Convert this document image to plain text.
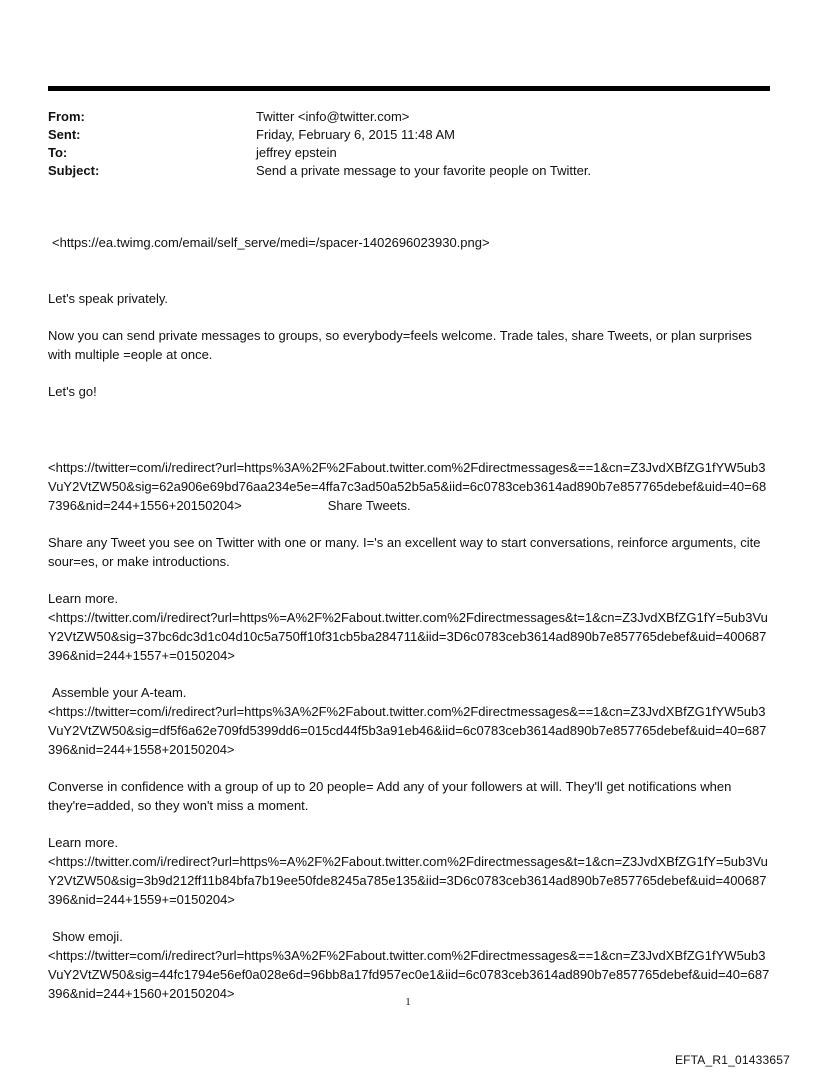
From:	Twitter <info@twitter.com>
Sent:	Friday, February 6, 2015 11:48 AM
To:	jeffrey epstein
Subject:	Send a private message to your favorite people on Twitter.

<https://ea.twimg.com/email/self_serve/medi=/spacer-1402696023930.png>

Let's speak privately.

Now you can send private messages to groups, so everybody=feels welcome. Trade tales, share Tweets, or plan surprises with multiple =eople at once.

Let's go!

<https://twitter=com/i/redirect?url=https%3A%2F%2Fabout.twitter.com%2Fdirectmessages&==1&cn=Z3JvdXBfZG1fYW5ub3VuY2VtZW50&sig=62a906e69bd76aa234e5e=4ffa7c3ad50a52b5a5&iid=6c0783ceb3614ad890b7e857765debef&uid=40=687396&nid=244+1556+20150204>	Share Tweets.

Share any Tweet you see on Twitter with one or many. I='s an excellent way to start conversations, reinforce arguments, cite sour=es, or make introductions.

Learn more.

<https://twitter.com/i/redirect?url=https%=A%2F%2Fabout.twitter.com%2Fdirectmessages&t=1&cn=Z3JvdXBfZG1fY=5ub3VuY2VtZW50&sig=37bc6dc3d1c04d10c5a750ff10f31cb5ba284711&iid=3D6c0783ceb3614ad890b7e857765debef&uid=400687396&nid=244+1557+=0150204>

Assemble your A-team.

<https://twitter=com/i/redirect?url=https%3A%2F%2Fabout.twitter.com%2Fdirectmessages&==1&cn=Z3JvdXBfZG1fYW5ub3VuY2VtZW50&sig=df5f6a62e709fd5399dd6=015cd44f5b3a91eb46&iid=6c0783ceb3614ad890b7e857765debef&uid=40=687396&nid=244+1558+20150204>

Converse in confidence with a group of up to 20 people= Add any of your followers at will. They'll get notifications when they're=added, so they won't miss a moment.

Learn more.

<https://twitter.com/i/redirect?url=https%=A%2F%2Fabout.twitter.com%2Fdirectmessages&t=1&cn=Z3JvdXBfZG1fY=5ub3VuY2VtZW50&sig=3b9d212ff11b84bfa7b19ee50fde8245a785e135&iid=3D6c0783ceb3614ad890b7e857765debef&uid=400687396&nid=244+1559+=0150204>

Show emoji.

<https://twitter=com/i/redirect?url=https%3A%2F%2Fabout.twitter.com%2Fdirectmessages&==1&cn=Z3JvdXBfZG1fYW5ub3VuY2VtZW50&sig=44fc1794e56ef0a028e6d=96bb8a17fd957ec0e1&iid=6c0783ceb3614ad890b7e857765debef&uid=40=687396&nid=244+1560+20150204>

1
EFTA_R1_01433657
